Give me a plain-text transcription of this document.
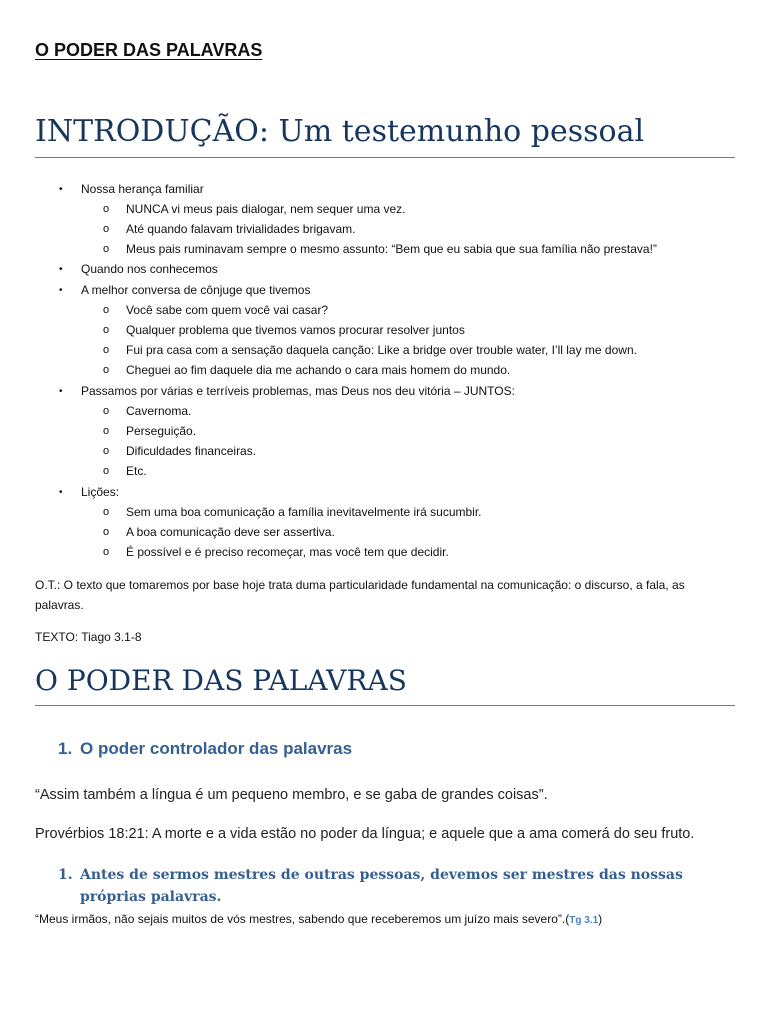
O PODER DAS PALAVRAS
INTRODUÇÃO: Um testemunho pessoal
• Nossa herança familiar
o NUNCA vi meus pais dialogar, nem sequer uma vez.
o Até quando falavam trivialidades brigavam.
o Meus pais ruminavam sempre o mesmo assunto: “Bem que eu sabia que sua família não prestava!”
• Quando nos conhecemos
• A melhor conversa de cônjuge que tivemos
o Você sabe com quem você vai casar?
o Qualquer problema que tivemos vamos procurar resolver juntos
o Fui pra casa com a sensação daquela canção: Like a bridge over trouble water, I’ll lay me down.
o Cheguei ao fim daquele dia me achando o cara mais homem do mundo.
• Passamos por várias e terríveis problemas, mas Deus nos deu vitória – JUNTOS:
o Cavernoma.
o Perseguição.
o Dificuldades financeiras.
o Etc.
• Lições:
o Sem uma boa comunicação a família inevitavelmente irá sucumbir.
o A boa comunicação deve ser assertiva.
o É possível e é preciso recomeçar, mas você tem que decidir.

O.T.: O texto que tomaremos por base hoje trata duma particularidade fundamental na comunicação: o discurso, a fala, as palavras.

TEXTO: Tiago 3.1-8

O PODER DAS PALAVRAS
1. O poder controlador das palavras

“Assim também a língua é um pequeno membro, e se gaba de grandes coisas”.

Provérbios 18:21: A morte e a vida estão no poder da língua; e aquele que a ama comerá do seu fruto.

1. Antes de sermos mestres de outras pessoas, devemos ser mestres das nossas próprias palavras.

“Meus irmãos, não sejais muitos de vós mestres, sabendo que receberemos um juízo mais severo”.(Tg 3.1)
